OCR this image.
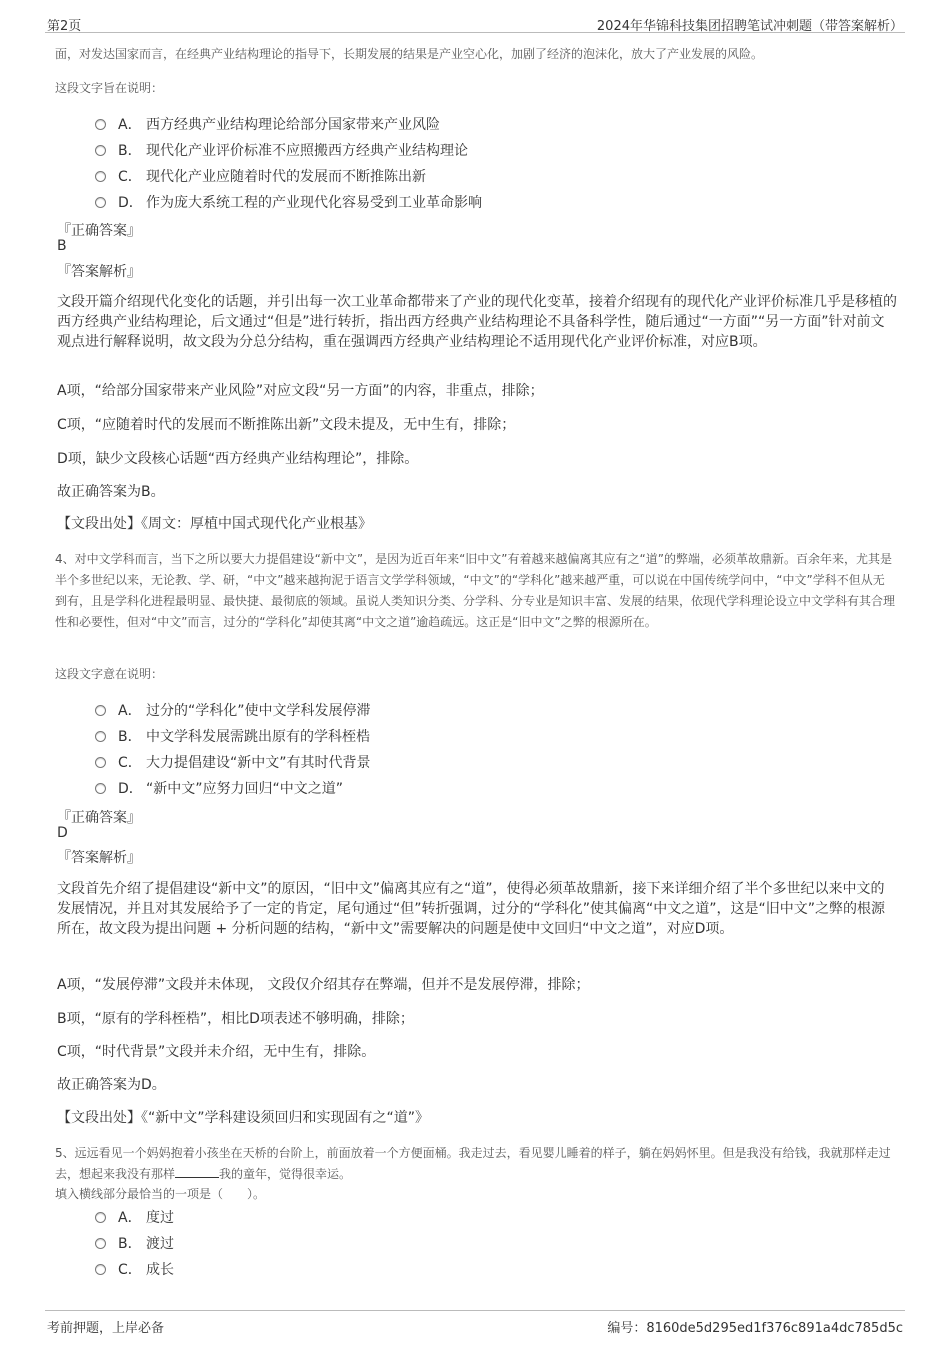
第2页	2024年华锦科技集团招聘笔试冲刺题（带答案解析）
面，对发达国家而言，在经典产业结构理论的指导下，长期发展的结果是产业空心化，加剧了经济的泡沫化，放大了产业发展的风险。
这段文字旨在说明：
A． 西方经典产业结构理论给部分国家带来产业风险
B． 现代化产业评价标准不应照搬西方经典产业结构理论
C． 现代化产业应随着时代的发展而不断推陈出新
D． 作为庞大系统工程的产业现代化容易受到工业革命影响
『正确答案』
B
『答案解析』
文段开篇介绍现代化变化的话题，并引出每一次工业革命都带来了产业的现代化变革，接着介绍现有的现代化产业评价标准几乎是移植的西方经典产业结构理论，后文通过“但是”进行转折，指出西方经典产业结构理论不具备科学性，随后通过“一方面”“另一方面”针对前文观点进行解释说明，故文段为分总分结构，重在强调西方经典产业结构理论不适用现代化产业评价标准，对应B项。
A项，“给部分国家带来产业风险”对应文段“另一方面”的内容，非重点，排除；
C项，“应随着时代的发展而不断推陈出新”文段未提及，无中生有，排除；
D项，缺少文段核心话题“西方经典产业结构理论”，排除。
故正确答案为B。
【文段出处】《周文：厚植中国式现代化产业根基》
4、对中文学科而言，当下之所以要大力提倡建设“新中文”，是因为近百年来“旧中文”有着越来越偏离其应有之“道”的弊端，必须革故鼎新。百余年来，尤其是半个多世纪以来，无论教、学、研，“中文”越来越拘泥于语言文学学科领域，“中文”的“学科化”越来越严重，可以说在中国传统学问中，“中文”学科不但从无到有，且是学科化进程最明显、最快捷、最彻底的领域。虽说人类知识分类、分学科、分专业是知识丰富、发展的结果，依现代学科理论设立中文学科有其合理性和必要性，但对“中文”而言，过分的“学科化”却使其离“中文之道”逾趋疏远。这正是“旧中文”之弊的根源所在。
这段文字意在说明：
A． 过分的“学科化”使中文学科发展停滞
B． 中文学科发展需跳出原有的学科桎梏
C． 大力提倡建设“新中文”有其时代背景
D． “新中文”应努力回归“中文之道”
『正确答案』
D
『答案解析』
文段首先介绍了提倡建设“新中文”的原因，“旧中文”偏离其应有之“道”，使得必须革故鼎新，接下来详细介绍了半个多世纪以来中文的发展情况，并且对其发展给予了一定的肯定，尾句通过“但”转折强调，过分的“学科化”使其偏离“中文之道”，这是“旧中文”之弊的根源所在，故文段为提出问题 + 分析问题的结构，“新中文”需要解决的问题是使中文回归“中文之道”，对应D项。
A项，“发展停滞”文段并未体现， 文段仅介绍其存在弊端，但并不是发展停滞，排除；
B项，“原有的学科桎梏”，相比D项表述不够明确，排除；
C项，“时代背景”文段并未介绍，无中生有，排除。
故正确答案为D。
【文段出处】《“新中文”学科建设须回归和实现固有之“道”》
5、远远看见一个妈妈抱着小孩坐在天桥的台阶上，前面放着一个方便面桶。我走过去，看见婴儿睡着的样子，躺在妈妈怀里。但是我没有给钱，我就那样走过去，想起来我没有那样	我的童年，觉得很幸运。
填入横线部分最恰当的一项是（　　）。
A． 度过
B． 渡过
C． 成长
考前押题，上岸必备	编号：8160de5d295ed1f376c891a4dc785d5c
